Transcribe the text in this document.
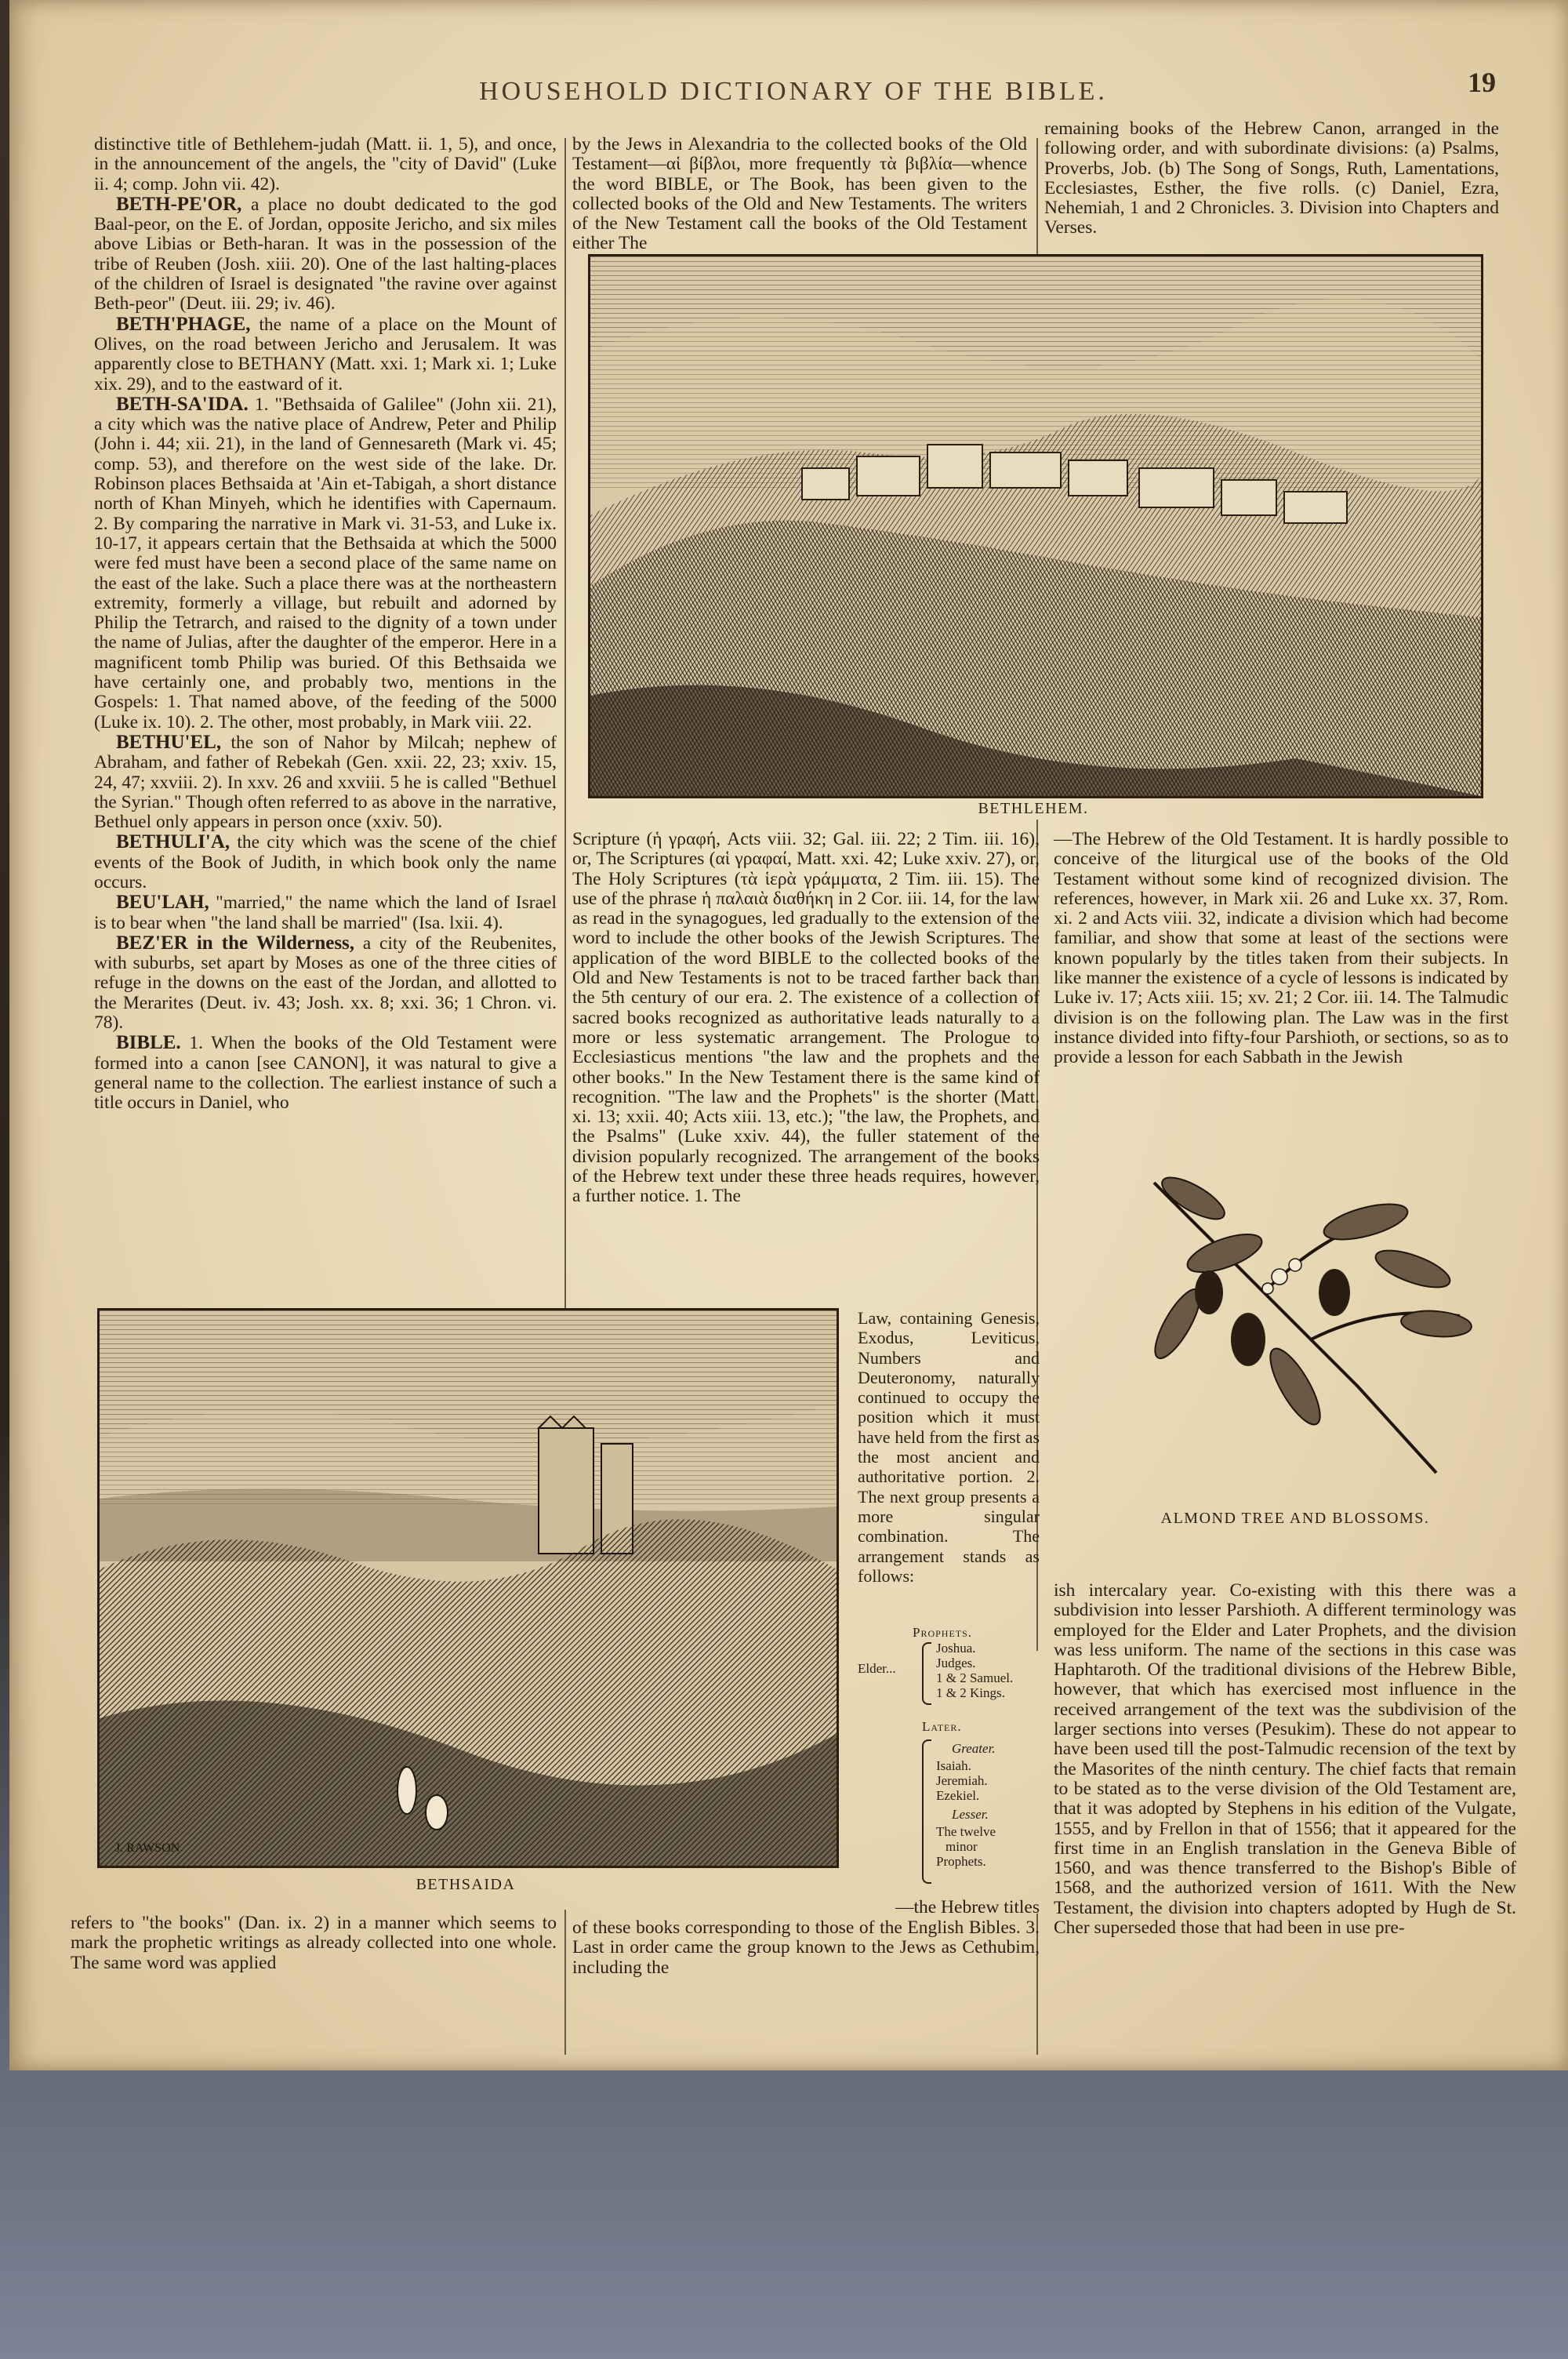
HOUSEHOLD DICTIONARY OF THE BIBLE.	19

distinctive title of Bethlehem-judah (Matt. ii. 1, 5), and once, in the announcement of the angels, the "city of David" (Luke ii. 4; comp. John vii. 42).

BETH-PE'OR, a place no doubt dedicated to the god Baal-peor, on the E. of Jordan, opposite Jericho, and six miles above Libias or Beth-haran. It was in the possession of the tribe of Reuben (Josh. xiii. 20). One of the last halting-places of the children of Israel is designated "the ravine over against Beth-peor" (Deut. iii. 29; iv. 46).

BETH'PHAGE, the name of a place on the Mount of Olives, on the road between Jericho and Jerusalem. It was apparently close to BETHANY (Matt. xxi. 1; Mark xi. 1; Luke xix. 29), and to the eastward of it.

BETH-SA'IDA. 1. "Bethsaida of Galilee" (John xii. 21), a city which was the native place of Andrew, Peter and Philip (John i. 44; xii. 21), in the land of Gennesareth (Mark vi. 45; comp. 53), and therefore on the west side of the lake. Dr. Robinson places Bethsaida at 'Ain et-Tabigah, a short distance north of Khan Minyeh, which he identifies with Capernaum. 2. By comparing the narrative in Mark vi. 31-53, and Luke ix. 10-17, it appears certain that the Bethsaida at which the 5000 were fed must have been a second place of the same name on the east of the lake. Such a place there was at the northeastern extremity, formerly a village, but rebuilt and adorned by Philip the Tetrarch, and raised to the dignity of a town under the name of Julias, after the daughter of the emperor. Here in a magnificent tomb Philip was buried. Of this Bethsaida we have certainly one, and probably two, mentions in the Gospels: 1. That named above, of the feeding of the 5000 (Luke ix. 10). 2. The other, most probably, in Mark viii. 22.

BETHU'EL, the son of Nahor by Milcah; nephew of Abraham, and father of Rebekah (Gen. xxii. 22, 23; xxiv. 15, 24, 47; xxviii. 2). In xxv. 26 and xxviii. 5 he is called "Bethuel the Syrian." Though often referred to as above in the narrative, Bethuel only appears in person once (xxiv. 50).

BETHULI'A, the city which was the scene of the chief events of the Book of Judith, in which book only the name occurs.

BEU'LAH, "married," the name which the land of Israel is to bear when "the land shall be married" (Isa. lxii. 4).

BEZ'ER in the Wilderness, a city of the Reubenites, with suburbs, set apart by Moses as one of the three cities of refuge in the downs on the east of the Jordan, and allotted to the Merarites (Deut. iv. 43; Josh. xx. 8; xxi. 36; 1 Chron. vi. 78).

BIBLE. 1. When the books of the Old Testament were formed into a canon [see CANON], it was natural to give a general name to the collection. The earliest instance of such a title occurs in Daniel, who

by the Jews in Alexandria to the collected books of the Old Testament—αἱ βίβλοι, more frequently τὰ βιβλία—whence the word BIBLE, or The Book, has been given to the collected books of the Old and New Testaments. The writers of the New Testament call the books of the Old Testament either The
remaining books of the Hebrew Canon, arranged in the following order, and with subordinate divisions: (a) Psalms, Proverbs, Job. (b) The Song of Songs, Ruth, Lamentations, Ecclesiastes, Esther, the five rolls. (c) Daniel, Ezra, Nehemiah, 1 and 2 Chronicles. 3. Division into Chapters and Verses.
BETHLEHEM.
Scripture (ἡ γραφή, Acts viii. 32; Gal. iii. 22; 2 Tim. iii. 16), or, The Scriptures (αἱ γραφαί, Matt. xxi. 42; Luke xxiv. 27), or, The Holy Scriptures (τὰ ἱερὰ γράμματα, 2 Tim. iii. 15). The use of the phrase ἡ παλαιὰ διαθήκη in 2 Cor. iii. 14, for the law as read in the synagogues, led gradually to the extension of the word to include the other books of the Jewish Scriptures. The application of the word BIBLE to the collected books of the Old and New Testaments is not to be traced farther back than the 5th century of our era. 2. The existence of a collection of sacred books recognized as authoritative leads naturally to a more or less systematic arrangement. The Prologue to Ecclesiasticus mentions "the law and the prophets and the other books." In the New Testament there is the same kind of recognition. "The law and the Prophets" is the shorter (Matt. xi. 13; xxii. 40; Acts xiii. 13, etc.); "the law, the Prophets, and the Psalms" (Luke xxiv. 44), the fuller statement of the division popularly recognized. The arrangement of the books of the Hebrew text under these three heads requires, however, a further notice. 1. The
—The Hebrew of the Old Testament. It is hardly possible to conceive of the liturgical use of the books of the Old Testament without some kind of recognized division. The references, however, in Mark xii. 26 and Luke xx. 37, Rom. xi. 2 and Acts viii. 32, indicate a division which had become familiar, and show that some at least of the sections were known popularly by the titles taken from their subjects. In like manner the existence of a cycle of lessons is indicated by Luke iv. 17; Acts xiii. 15; xv. 21; 2 Cor. iii. 14. The Talmudic division is on the following plan. The Law was in the first instance divided into fifty-four Parshioth, or sections, so as to provide a lesson for each Sabbath in the Jewish
ALMOND TREE AND BLOSSOMS.
J. RAWSON
BETHSAIDA
Law, containing Genesis, Exodus, Leviticus, Numbers and Deuteronomy, naturally continued to occupy the position which it must have held from the first as the most ancient and authoritative portion. 2. The next group presents a more singular combination. The arrangement stands as follows:
Prophets.
Elder...
Joshua.
Judges.
1 & 2 Samuel.
1 & 2 Kings.
Later.
Greater.
Isaiah.
Jeremiah.
Ezekiel.
Lesser.
The twelve
minor
Prophets.
—the Hebrew titles
refers to "the books" (Dan. ix. 2) in a manner which seems to mark the prophetic writings as already collected into one whole. The same word was applied
of these books corresponding to those of the English Bibles. 3. Last in order came the group known to the Jews as Cethubim, including the
ish intercalary year. Co-existing with this there was a subdivision into lesser Parshioth. A different terminology was employed for the Elder and Later Prophets, and the division was less uniform. The name of the sections in this case was Haphtaroth. Of the traditional divisions of the Hebrew Bible, however, that which has exercised most influence in the received arrangement of the text was the subdivision of the larger sections into verses (Pesukim). These do not appear to have been used till the post-Talmudic recension of the text by the Masorites of the ninth century. The chief facts that remain to be stated as to the verse division of the Old Testament are, that it was adopted by Stephens in his edition of the Vulgate, 1555, and by Frellon in that of 1556; that it appeared for the first time in an English translation in the Geneva Bible of 1560, and was thence transferred to the Bishop's Bible of 1568, and the authorized version of 1611. With the New Testament, the division into chapters adopted by Hugh de St. Cher superseded those that had been in use pre-
